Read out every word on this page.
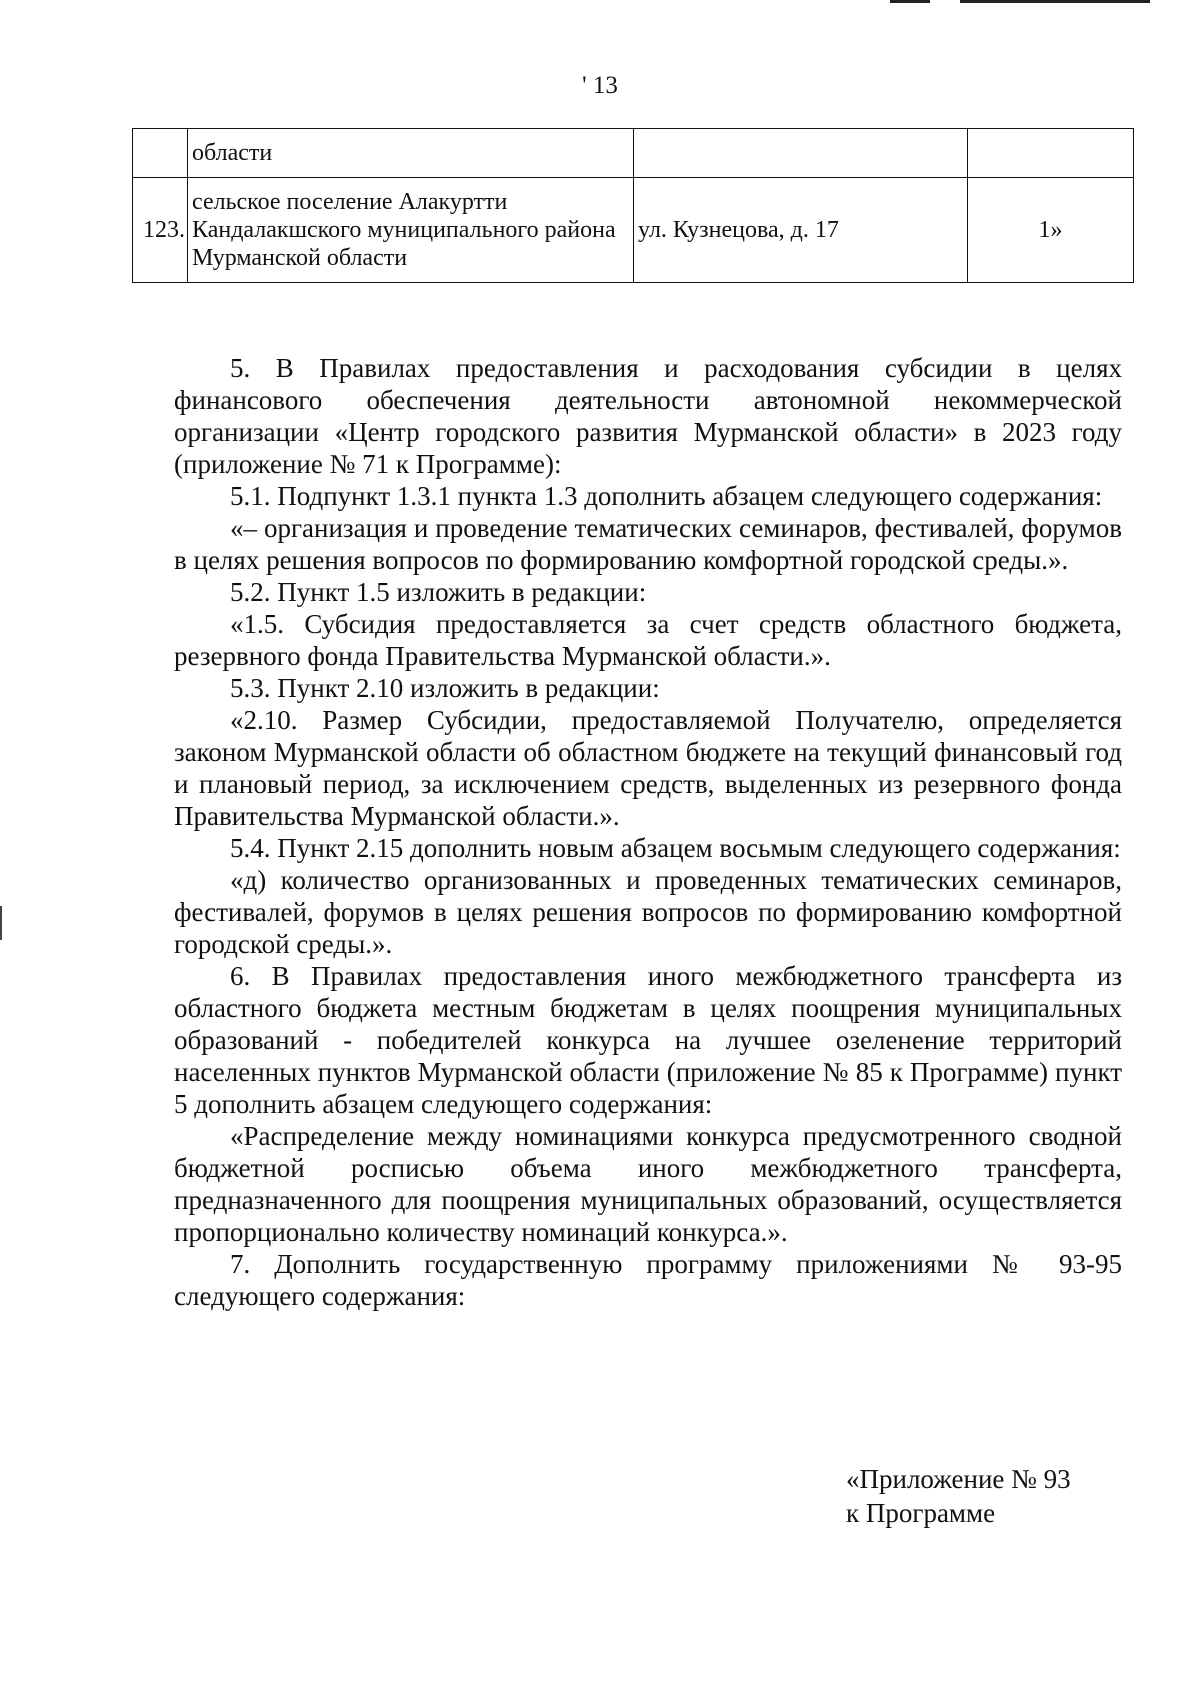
' 13

	области		

123.	сельское поселение Алакуртти
Кандалакшского муниципального района
Мурманской области	ул. Кузнецова, д. 17	1»

5. В Правилах предоставления и расходования субсидии в целях финансового обеспечения деятельности автономной некоммерческой организации «Центр городского развития Мурманской области» в 2023 году (приложение № 71 к Программе):

5.1. Подпункт 1.3.1 пункта 1.3 дополнить абзацем следующего содержания:

«– организация и проведение тематических семинаров, фестивалей, форумов в целях решения вопросов по формированию комфортной городской среды.».

5.2. Пункт 1.5 изложить в редакции:

«1.5. Субсидия предоставляется за счет средств областного бюджета, резервного фонда Правительства Мурманской области.».

5.3. Пункт 2.10 изложить в редакции:

«2.10. Размер Субсидии, предоставляемой Получателю, определяется законом Мурманской области об областном бюджете на текущий финансовый год и плановый период, за исключением средств, выделенных из резервного фонда Правительства Мурманской области.».

5.4. Пункт 2.15 дополнить новым абзацем восьмым следующего содержания:

«д) количество организованных и проведенных тематических семинаров, фестивалей, форумов в целях решения вопросов по формированию комфортной городской среды.».

6. В Правилах предоставления иного межбюджетного трансферта из областного бюджета местным бюджетам в целях поощрения муниципальных образований - победителей конкурса на лучшее озеленение территорий населенных пунктов Мурманской области (приложение № 85 к Программе) пункт 5 дополнить абзацем следующего содержания:

«Распределение между номинациями конкурса предусмотренного сводной бюджетной росписью объема иного межбюджетного трансферта, предназначенного для поощрения муниципальных образований, осуществляется пропорционально количеству номинаций конкурса.».

7. Дополнить государственную программу приложениями № 93-95 следующего содержания:

«Приложение № 93
к Программе
